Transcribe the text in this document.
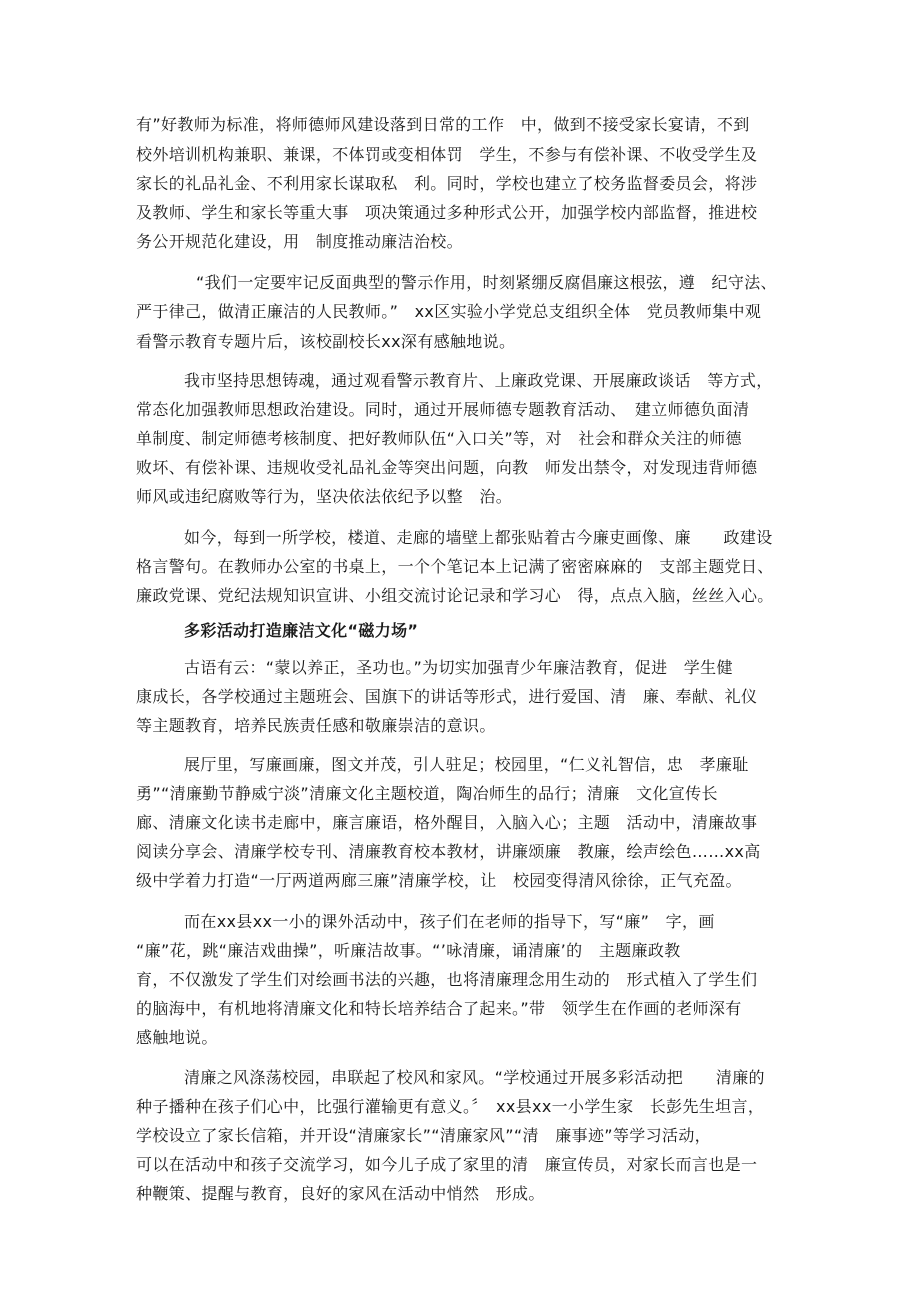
有”好教师为标准，将师德师风建设落到日常的工作　中，做到不接受家长宴请，不到
校外培训机构兼职、兼课，不体罚或变相体罚　学生，不参与有偿补课、不收受学生及
家长的礼品礼金、不利用家长谋取私　利。同时，学校也建立了校务监督委员会，将涉
及教师、学生和家长等重大事　项决策通过多种形式公开，加强学校内部监督，推进校
务公开规范化建设，用　制度推动廉洁治校。
“我们一定要牢记反面典型的警示作用，时刻紧绷反腐倡廉这根弦，遵　纪守法、
严于律己，做清正廉洁的人民教师。”　xx区实验小学党总支组织全体　党员教师集中观
看警示教育专题片后，该校副校长xx深有感触地说。
我市坚持思想铸魂，通过观看警示教育片、上廉政党课、开展廉政谈话　等方式，
常态化加强教师思想政治建设。同时，通过开展师德专题教育活动、　建立师德负面清
单制度、制定师德考核制度、把好教师队伍“入口关”等，对　社会和群众关注的师德
败坏、有偿补课、违规收受礼品礼金等突出问题，向教　师发出禁令，对发现违背师德
师风或违纪腐败等行为，坚决依法依纪予以整　治。
如今，每到一所学校，楼道、走廊的墙壁上都张贴着古今廉吏画像、廉　　政建设
格言警句。在教师办公室的书桌上，一个个笔记本上记满了密密麻麻的　支部主题党日、
廉政党课、党纪法规知识宣讲、小组交流讨论记录和学习心　得，点点入脑，丝丝入心。
多彩活动打造廉洁文化“磁力场”
古语有云：“蒙以养正，圣功也。”为切实加强青少年廉洁教育，促进　学生健
康成长，各学校通过主题班会、国旗下的讲话等形式，进行爱国、清　廉、奉献、礼仪
等主题教育，培养民族责任感和敬廉崇洁的意识。
展厅里，写廉画廉，图文并茂，引人驻足；校园里，“仁义礼智信，忠　孝廉耻
勇”“清廉勤节静威宁淡”清廉文化主题校道，陶冶师生的品行；清廉　文化宣传长
廊、清廉文化读书走廊中，廉言廉语，格外醒目，入脑入心；主题　活动中，清廉故事
阅读分享会、清廉学校专刊、清廉教育校本教材，讲廉颂廉　教廉，绘声绘色……xx高
级中学着力打造“一厅两道两廊三廉”清廉学校，让　校园变得清风徐徐，正气充盈。
而在xx县xx一小的课外活动中，孩子们在老师的指导下，写“廉”　字，画
“廉”花，跳“廉洁戏曲操”，听廉洁故事。“’咏清廉，诵清廉’的　主题廉政教
育，不仅激发了学生们对绘画书法的兴趣，也将清廉理念用生动的　形式植入了学生们
的脑海中，有机地将清廉文化和特长培养结合了起来。”带　领学生在作画的老师深有
感触地说。
清廉之风涤荡校园，串联起了校风和家风。“学校通过开展多彩活动把　　清廉的
种子播种在孩子们心中，比强行灌输更有意义。〞　xx县xx一小学生家　长彭先生坦言，
学校设立了家长信箱，并开设“清廉家长”“清廉家风”“清　廉事迹”等学习活动，
可以在活动中和孩子交流学习，如今儿子成了家里的清　廉宣传员，对家长而言也是一
种鞭策、提醒与教育，良好的家风在活动中悄然　形成。
